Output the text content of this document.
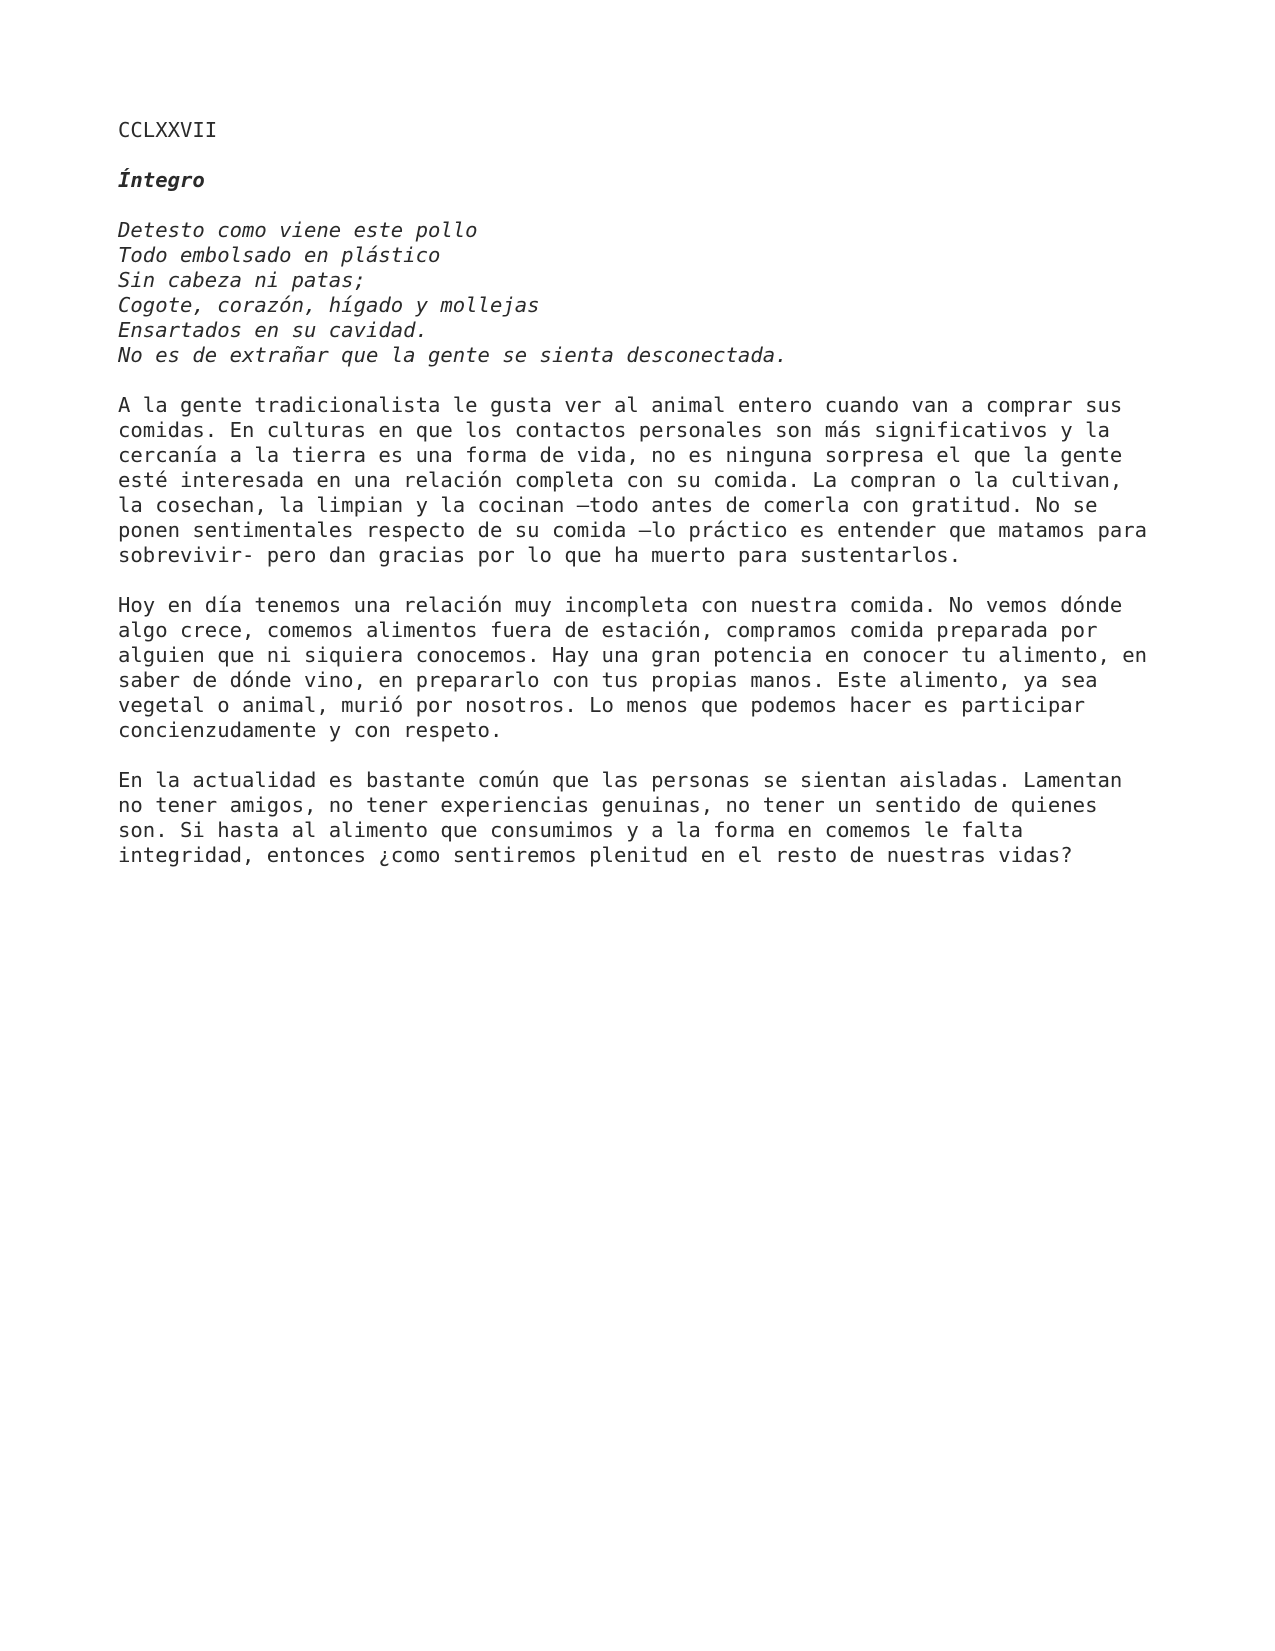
CCLXXVII
Íntegro
Detesto como viene este pollo
Todo embolsado en plástico
Sin cabeza ni patas;
Cogote, corazón, hígado y mollejas
Ensartados en su cavidad.
No es de extrañar que la gente se sienta desconectada.
A la gente tradicionalista le gusta ver al animal entero cuando van a comprar sus
comidas. En culturas en que los contactos personales son más significativos y la
cercanía a la tierra es una forma de vida, no es ninguna sorpresa el que la gente
esté interesada en una relación completa con su comida. La compran o la cultivan,
la cosechan, la limpian y la cocinan –todo antes de comerla con gratitud. No se
ponen sentimentales respecto de su comida –lo práctico es entender que matamos para
sobrevivir- pero dan gracias por lo que ha muerto para sustentarlos.
Hoy en día tenemos una relación muy incompleta con nuestra comida. No vemos dónde
algo crece, comemos alimentos fuera de estación, compramos comida preparada por
alguien que ni siquiera conocemos. Hay una gran potencia en conocer tu alimento, en
saber de dónde vino, en prepararlo con tus propias manos. Este alimento, ya sea
vegetal o animal, murió por nosotros. Lo menos que podemos hacer es participar
concienzudamente y con respeto.
En la actualidad es bastante común que las personas se sientan aisladas. Lamentan
no tener amigos, no tener experiencias genuinas, no tener un sentido de quienes
son. Si hasta al alimento que consumimos y a la forma en comemos le falta
integridad, entonces ¿como sentiremos plenitud en el resto de nuestras vidas?
